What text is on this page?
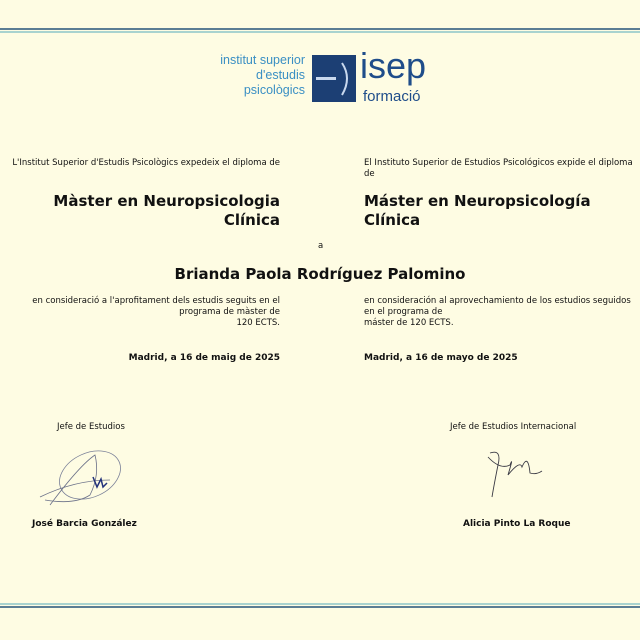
institut superior
d'estudis
psicològics
isep
formació
L'Institut Superior d'Estudis Psicològics expedeix el diploma de
Màster en Neuropsicologia Clínica
en consideració a l'aprofitament dels estudis seguits en el programa de màster de
120 ECTS.
Madrid, a 16 de maig de 2025
El Instituto Superior de Estudios Psicológicos expide el diploma de
Máster en Neuropsicología Clínica
en consideración al aprovechamiento de los estudios seguidos en el programa de
máster de 120 ECTS.
Madrid, a 16 de mayo de 2025
a
Brianda Paola Rodríguez Palomino
Jefe de Estudios
José Barcia González
Jefe de Estudios Internacional
Alicia Pinto La Roque
